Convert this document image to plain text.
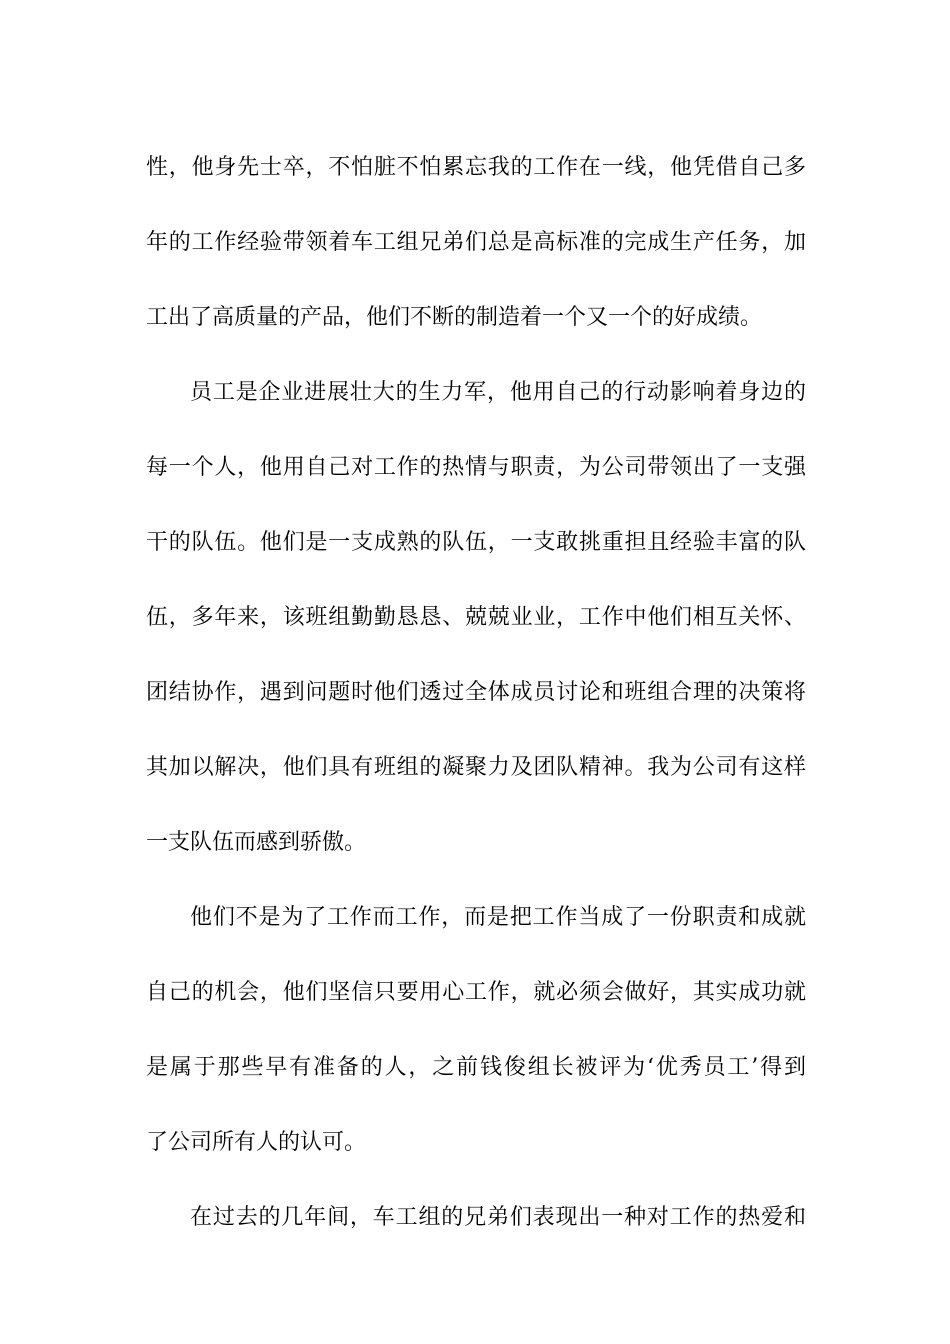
性，他身先士卒，不怕脏不怕累忘我的工作在一线，他凭借自己多
年的工作经验带领着车工组兄弟们总是高标准的完成生产任务，加
工出了高质量的产品，他们不断的制造着一个又一个的好成绩。
员工是企业进展壮大的生力军，他用自己的行动影响着身边的
每一个人，他用自己对工作的热情与职责，为公司带领出了一支强
干的队伍。他们是一支成熟的队伍，一支敢挑重担且经验丰富的队
伍，多年来，该班组勤勤恳恳、兢兢业业，工作中他们相互关怀、
团结协作，遇到问题时他们透过全体成员讨论和班组合理的决策将
其加以解决，他们具有班组的凝聚力及团队精神。我为公司有这样
一支队伍而感到骄傲。
他们不是为了工作而工作，而是把工作当成了一份职责和成就
自己的机会，他们坚信只要用心工作，就必须会做好，其实成功就
是属于那些早有准备的人，之前钱俊组长被评为‘优秀员工’得到
了公司所有人的认可。
在过去的几年间，车工组的兄弟们表现出一种对工作的热爱和
